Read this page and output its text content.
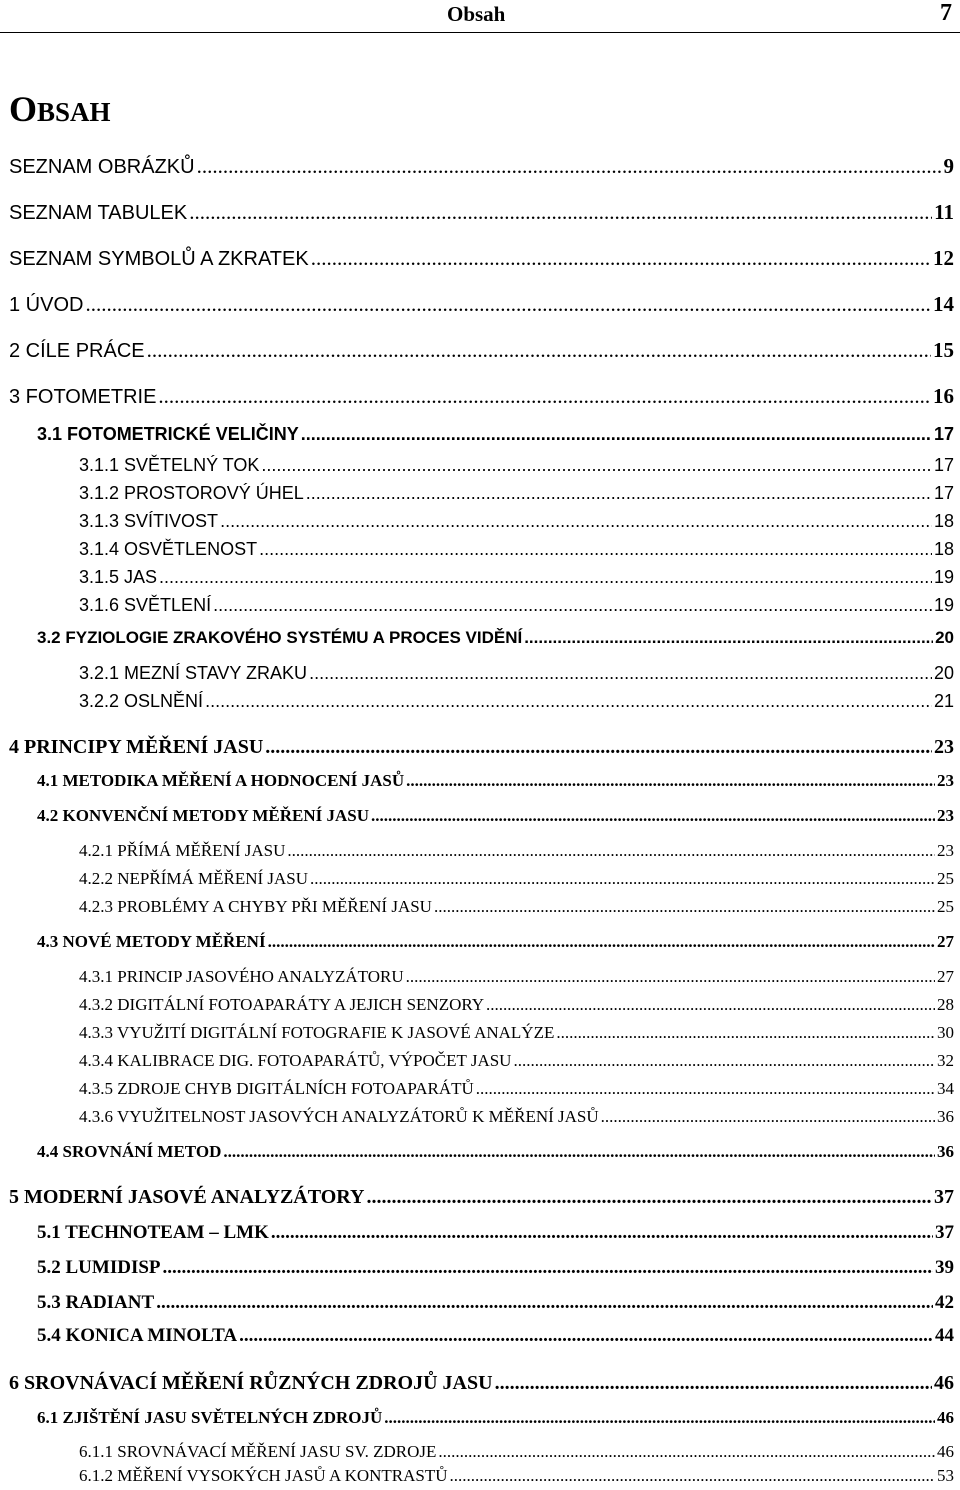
Obsah	7
OBSAH
SEZNAM OBRÁZKŮ .....	9
SEZNAM TABULEK .....	11
SEZNAM SYMBOLŮ A ZKRATEK .....	12
1 ÚVOD .....	14
2 CÍLE PRÁCE .....	15
3 FOTOMETRIE .....	16
3.1 FOTOMETRICKÉ VELIČINY .....	17
3.1.1 SVĚTELNÝ TOK .....	17
3.1.2 PROSTOROVÝ ÚHEL .....	17
3.1.3 SVÍTIVOST .....	18
3.1.4 OSVĚTLENOST .....	18
3.1.5 JAS .....	19
3.1.6 SVĚTLENÍ .....	19
3.2 FYZIOLOGIE ZRAKOVÉHO SYSTÉMU A PROCES VIDĚNÍ .....	20
3.2.1 MEZNÍ STAVY ZRAKU .....	20
3.2.2 OSLNĚNÍ .....	21
4 PRINCIPY MĚŘENÍ JASU .....	23
4.1 METODIKA MĚŘENÍ A HODNOCENÍ JASŮ .....	23
4.2 KONVENČNÍ METODY MĚŘENÍ JASU .....	23
4.2.1 PŘÍMÁ MĚŘENÍ JASU .....	23
4.2.2 NEPŘÍMÁ MĚŘENÍ JASU .....	25
4.2.3 PROBLÉMY A CHYBY PŘI MĚŘENÍ JASU .....	25
4.3 NOVÉ METODY MĚŘENÍ .....	27
4.3.1 PRINCIP JASOVÉHO ANALYZÁTORU .....	27
4.3.2 DIGITÁLNÍ FOTOAPARÁTY A JEJICH SENZORY .....	28
4.3.3 VYUŽITÍ DIGITÁLNÍ FOTOGRAFIE K JASOVÉ ANALÝZE .....	30
4.3.4 KALIBRACE DIG. FOTOAPARÁTŮ, VÝPOČET JASU .....	32
4.3.5 ZDROJE CHYB DIGITÁLNÍCH FOTOAPARÁTŮ .....	34
4.3.6 VYUŽITELNOST JASOVÝCH ANALYZÁTORŮ K MĚŘENÍ JASŮ .....	36
4.4 SROVNÁNÍ METOD .....	36
5 MODERNÍ JASOVÉ ANALYZÁTORY .....	37
5.1 TECHNOTEAM – LMK .....	37
5.2 LUMIDISP .....	39
5.3 RADIANT .....	42
5.4 KONICA MINOLTA .....	44
6 SROVNÁVACÍ MĚŘENÍ RŮZNÝCH ZDROJŮ JASU .....	46
6.1 ZJIŠTĚNÍ JASU SVĚTELNÝCH ZDROJŮ .....	46
6.1.1 SROVNÁVACÍ MĚŘENÍ JASU SV. ZDROJE .....	46
6.1.2 MĚŘENÍ VYSOKÝCH JASŮ A KONTRASTŮ .....	53
